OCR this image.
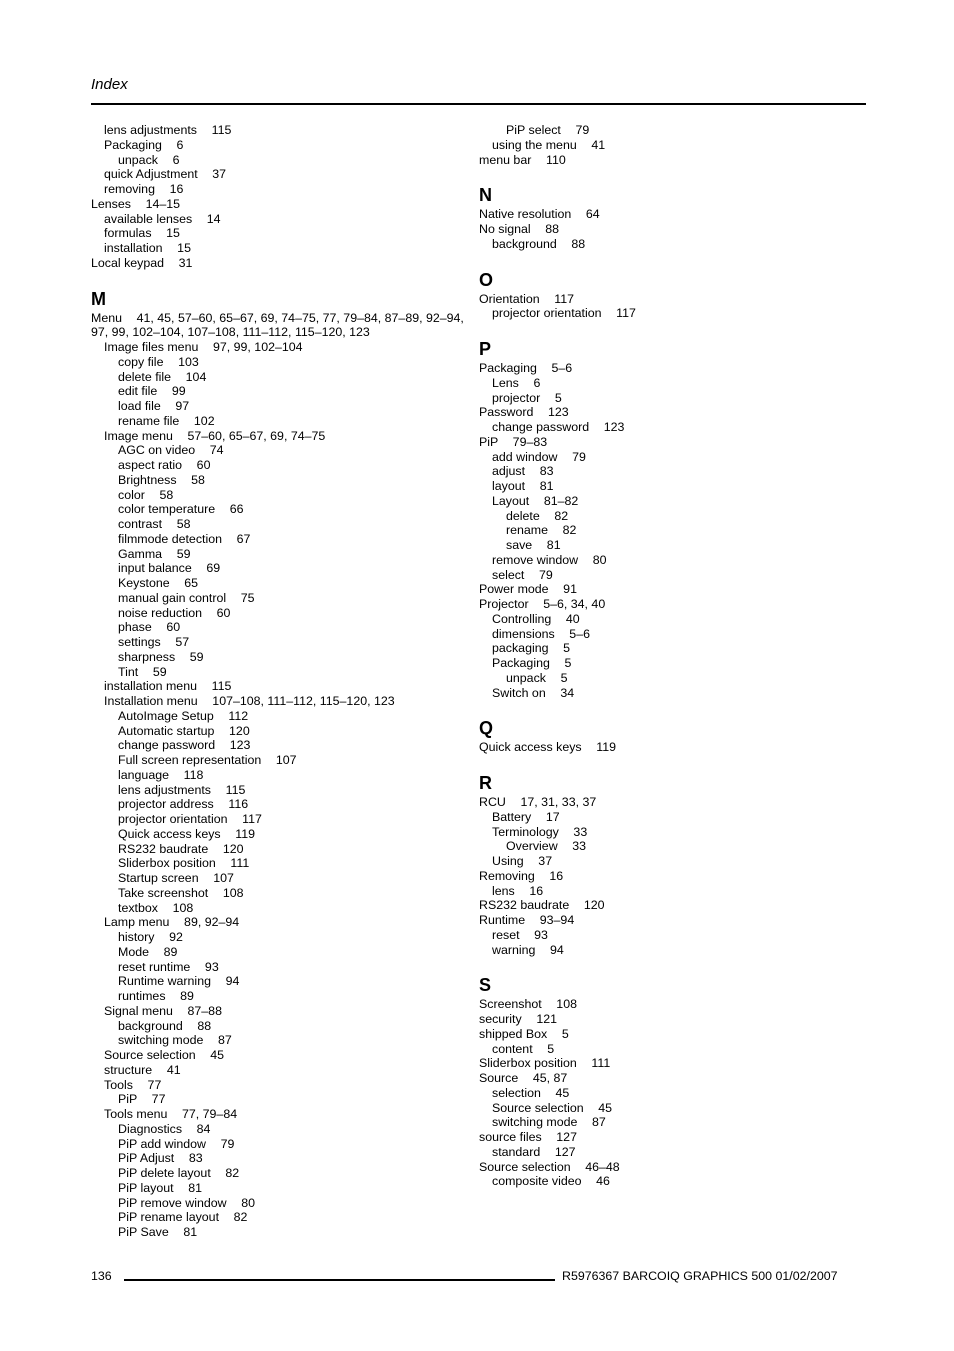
Index
lens adjustments 115
Packaging 6
unpack 6
quick Adjustment 37
removing 16
Lenses 14–15
available lenses 14
formulas 15
installation 15
Local keypad 31
M
Menu 41, 45, 57–60, 65–67, 69, 74–75, 77, 79–84, 87–89, 92–94, 97, 99, 102–104, 107–108, 111–112, 115–120, 123
Image files menu 97, 99, 102–104
copy file 103
delete file 104
edit file 99
load file 97
rename file 102
Image menu 57–60, 65–67, 69, 74–75
AGC on video 74
aspect ratio 60
Brightness 58
color 58
color temperature 66
contrast 58
filmmode detection 67
Gamma 59
input balance 69
Keystone 65
manual gain control 75
noise reduction 60
phase 60
settings 57
sharpness 59
Tint 59
installation menu 115
Installation menu 107–108, 111–112, 115–120, 123
AutoImage Setup 112
Automatic startup 120
change password 123
Full screen representation 107
language 118
lens adjustments 115
projector address 116
projector orientation 117
Quick access keys 119
RS232 baudrate 120
Sliderbox position 111
Startup screen 107
Take screenshot 108
textbox 108
Lamp menu 89, 92–94
history 92
Mode 89
reset runtime 93
Runtime warning 94
runtimes 89
Signal menu 87–88
background 88
switching mode 87
Source selection 45
structure 41
Tools 77
PiP 77
Tools menu 77, 79–84
Diagnostics 84
PiP add window 79
PiP Adjust 83
PiP delete layout 82
PiP layout 81
PiP remove window 80
PiP rename layout 82
PiP Save 81
PiP select 79
using the menu 41
menu bar 110
N
Native resolution 64
No signal 88
background 88
O
Orientation 117
projector orientation 117
P
Packaging 5–6
Lens 6
projector 5
Password 123
change password 123
PiP 79–83
add window 79
adjust 83
layout 81
Layout 81–82
delete 82
rename 82
save 81
remove window 80
select 79
Power mode 91
Projector 5–6, 34, 40
Controlling 40
dimensions 5–6
packaging 5
Packaging 5
unpack 5
Switch on 34
Q
Quick access keys 119
R
RCU 17, 31, 33, 37
Battery 17
Terminology 33
Overview 33
Using 37
Removing 16
lens 16
RS232 baudrate 120
Runtime 93–94
reset 93
warning 94
S
Screenshot 108
security 121
shipped Box 5
content 5
Sliderbox position 111
Source 45, 87
selection 45
Source selection 45
switching mode 87
source files 127
standard 127
Source selection 46–48
composite video 46
136	R5976367 BARCOIQ GRAPHICS 500 01/02/2007
